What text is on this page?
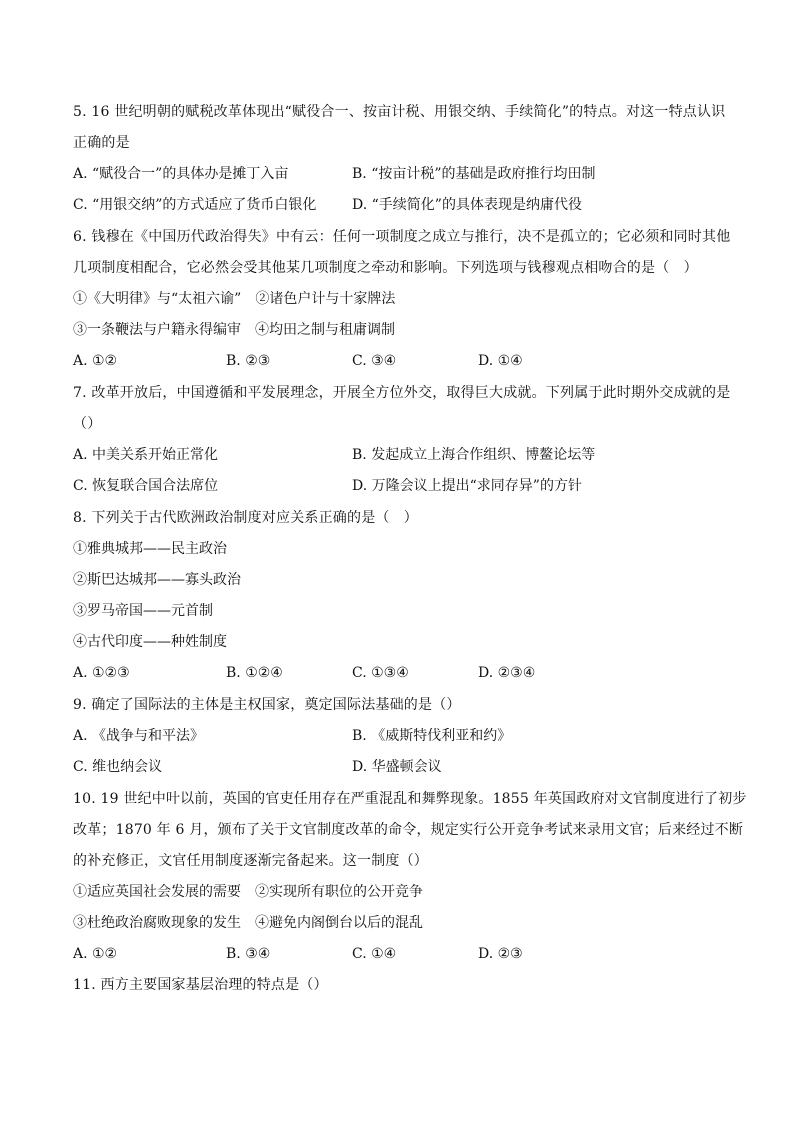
5. 16 世纪明朝的赋税改革体现出“赋役合一、按亩计税、用银交纳、手续简化”的特点。对这一特点认识
正确的是
A. “赋役合一”的具体办是摊丁入亩	B. “按亩计税”的基础是政府推行均田制
C. “用银交纳”的方式适应了货币白银化	D. “手续简化”的具体表现是纳庸代役
6. 钱穆在《中国历代政治得失》中有云：任何一项制度之成立与推行，决不是孤立的；它必须和同时其他
几项制度相配合，它必然会受其他某几项制度之牵动和影响。下列选项与钱穆观点相吻合的是（　）
①《大明律》与“太祖六谕”　②诸色户计与十家牌法
③一条鞭法与户籍永得编审　④均田之制与租庸调制
A. ①②	B. ②③	C. ③④	D. ①④
7. 改革开放后，中国遵循和平发展理念，开展全方位外交，取得巨大成就。下列属于此时期外交成就的是
（）
A. 中美关系开始正常化	B. 发起成立上海合作组织、博鳌论坛等
C. 恢复联合国合法席位	D. 万隆会议上提出“求同存异”的方针
8. 下列关于古代欧洲政治制度对应关系正确的是（　）
①雅典城邦——民主政治
②斯巴达城邦——寡头政治
③罗马帝国——元首制
④古代印度——种姓制度
A. ①②③	B. ①②④	C. ①③④	D. ②③④
9. 确定了国际法的主体是主权国家，奠定国际法基础的是（）
A. 《战争与和平法》	B. 《威斯特伐利亚和约》
C. 维也纳会议	D. 华盛顿会议
10. 19 世纪中叶以前，英国的官吏任用存在严重混乱和舞弊现象。1855 年英国政府对文官制度进行了初步
改革；1870 年 6 月，颁布了关于文官制度改革的命令，规定实行公开竞争考试来录用文官；后来经过不断
的补充修正，文官任用制度逐渐完备起来。这一制度（）
①适应英国社会发展的需要　②实现所有职位的公开竞争
③杜绝政治腐败现象的发生　④避免内阁倒台以后的混乱
A. ①②	B. ③④	C. ①④	D. ②③
11. 西方主要国家基层治理的特点是（）
